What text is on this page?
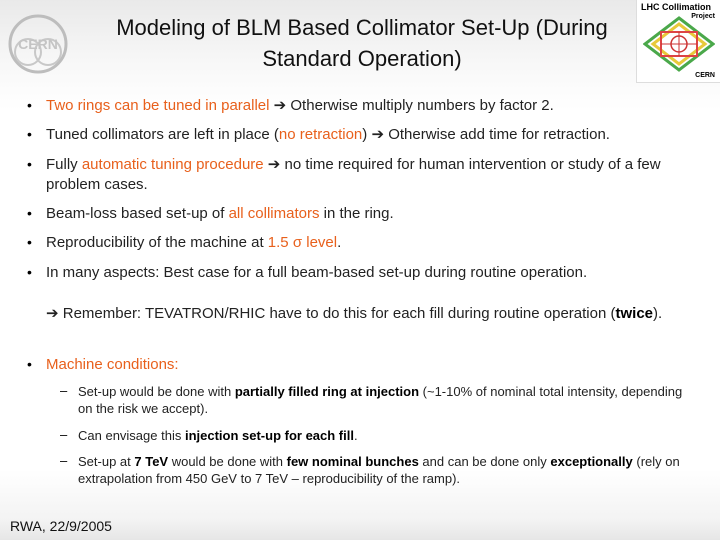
CERN
Modeling of BLM Based Collimator Set-Up (During Standard Operation)
LHC Collimation
Project
CERN
• Two rings can be tuned in parallel ➔ Otherwise multiply numbers by factor 2.
• Tuned collimators are left in place (no retraction) ➔ Otherwise add time for retraction.
• Fully automatic tuning procedure ➔ no time required for human intervention or study of a few problem cases.
• Beam-loss based set-up of all collimators in the ring.
• Reproducibility of the machine at 1.5 σ level.
• In many aspects: Best case for a full beam-based set-up during routine operation.
➔ Remember: TEVATRON/RHIC have to do this for each fill during routine operation (twice).
• Machine conditions:
– Set-up would be done with partially filled ring at injection (~1-10% of nominal total intensity, depending on the risk we accept).
– Can envisage this injection set-up for each fill.
– Set-up at 7 TeV would be done with few nominal bunches and can be done only exceptionally (rely on extrapolation from 450 GeV to 7 TeV – reproducibility of the ramp).
RWA, 22/9/2005
